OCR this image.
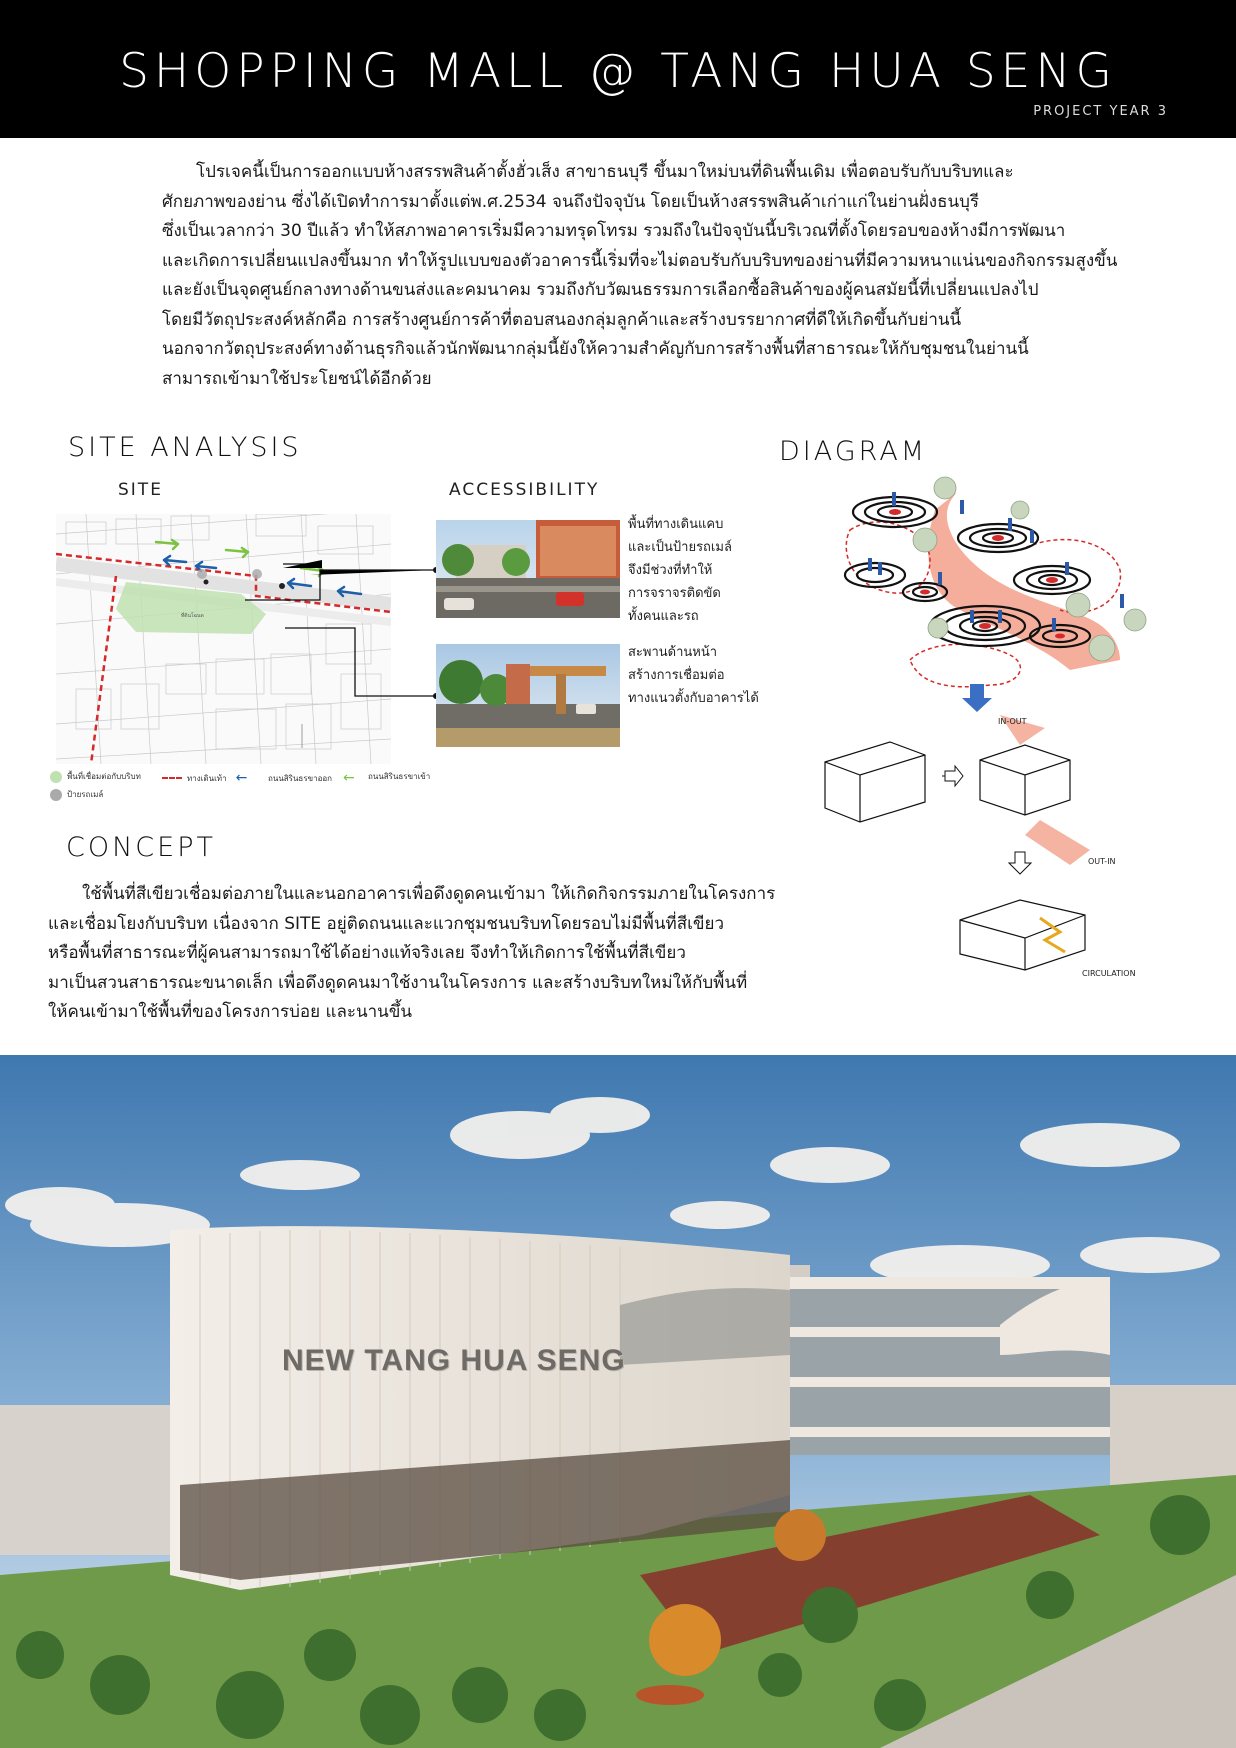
SHOPPING MALL @ TANG HUA SENG
PROJECT YEAR 3
โปรเจคนี้เป็นการออกแบบห้างสรรพสินค้าตั้งฮั่วเส็ง สาขาธนบุรี ขึ้นมาใหม่บนที่ดินพื้นเดิม เพื่อตอบรับกับบริบทและ
ศักยภาพของย่าน ซึ่งได้เปิดทำการมาตั้งแต่พ.ศ.2534 จนถึงปัจจุบัน โดยเป็นห้างสรรพสินค้าเก่าแก่ในย่านฝั่งธนบุรี
ซึ่งเป็นเวลากว่า 30 ปีแล้ว ทำให้สภาพอาคารเริ่มมีความทรุดโทรม รวมถึงในปัจจุบันนี้บริเวณที่ตั้งโดยรอบของห้างมีการพัฒนา
และเกิดการเปลี่ยนแปลงขึ้นมาก ทำให้รูปแบบของตัวอาคารนี้เริ่มที่จะไม่ตอบรับกับบริบทของย่านที่มีความหนาแน่นของกิจกรรมสูงขึ้น
และยังเป็นจุดศูนย์กลางทางด้านขนส่งและคมนาคม รวมถึงกับวัฒนธรรมการเลือกซื้อสินค้าของผู้คนสมัยนี้ที่เปลี่ยนแปลงไป
โดยมีวัตถุประสงค์หลักคือ การสร้างศูนย์การค้าที่ตอบสนองกลุ่มลูกค้าและสร้างบรรยากาศที่ดีให้เกิดขึ้นกับย่านนี้
นอกจากวัตถุประสงค์ทางด้านธุรกิจแล้วนักพัฒนากลุ่มนี้ยังให้ความสำคัญกับการสร้างพื้นที่สาธารณะให้กับชุมชนในย่านนี้
สามารถเข้ามาใช้ประโยชน์ได้อีกด้วย
SITE ANALYSIS
SITE	ACCESSIBILITY
ที่ดินโฉนด
พื้นที่ทางเดินแคบ
และเป็นป้ายรถเมล์
จึงมีช่วงที่ทำให้
การจราจรติดขัด
ทั้งคนและรถ
สะพานด้านหน้า
สร้างการเชื่อมต่อ
ทางแนวตั้งกับอาคารได้
พื้นที่เชื่อมต่อกับบริบท	ทางเดินเท้า ←	ถนนสิรินธรขาออก ← ถนนสิรินธรขาเข้า
ป้ายรถเมล์
DIAGRAM
IN-OUT
OUT-IN
CIRCULATION
CONCEPT
ใช้พื้นที่สีเขียวเชื่อมต่อภายในและนอกอาคารเพื่อดึงดูดคนเข้ามา ให้เกิดกิจกรรมภายในโครงการ
และเชื่อมโยงกับบริบท เนื่องจาก SITE อยู่ติดถนนและแวกชุมชนบริบทโดยรอบไม่มีพื้นที่สีเขียว
หรือพื้นที่สาธารณะที่ผู้คนสามารถมาใช้ได้อย่างแท้จริงเลย จึงทำให้เกิดการใช้พื้นที่สีเขียว
มาเป็นสวนสาธารณะขนาดเล็ก เพื่อดึงดูดคนมาใช้งานในโครงการ และสร้างบริบทใหม่ให้กับพื้นที่
ให้คนเข้ามาใช้พื้นที่ของโครงการบ่อย และนานขึ้น
NEW TANG HUA SENG
